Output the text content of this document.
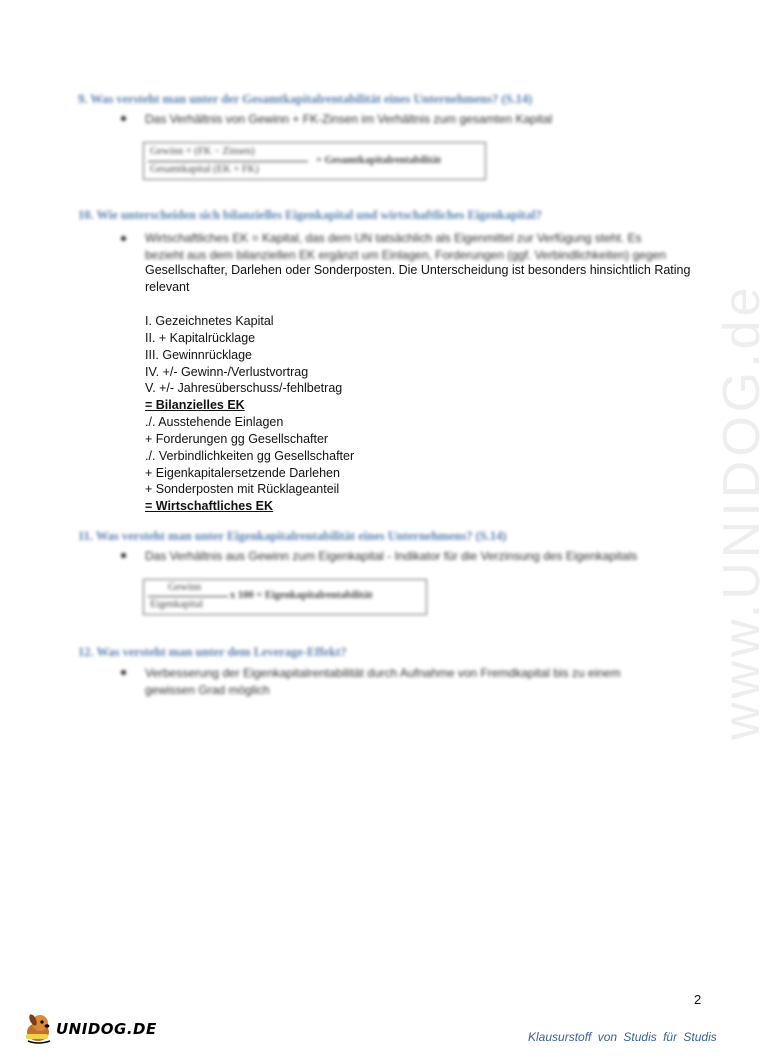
www.UNIDOG.de
9. Was versteht man unter der Gesamtkapitalrentabilität eines Unternehmens? (S.14)
Das Verhältnis von Gewinn + FK-Zinsen im Verhältnis zum gesamten Kapital
Gewinn + (FK − Zinsen)
Gesamtkapital (EK + FK)
= Gesamtkapitalrentabilität
10. Wie unterscheiden sich bilanzielles Eigenkapital und wirtschaftliches Eigenkapital?
Wirtschaftliches EK = Kapital, das dem UN tatsächlich als Eigenmittel zur Verfügung steht. Es
bezieht aus dem bilanziellen EK ergänzt um Einlagen, Forderungen (ggf. Verbindlichkeiten) gegen
Gesellschafter, Darlehen oder Sonderposten. Die Unterscheidung ist besonders hinsichtlich Rating
relevant
I. Gezeichnetes Kapital
II. + Kapitalrücklage
III. Gewinnrücklage
IV. +/- Gewinn-/Verlustvortrag
V. +/- Jahresüberschuss/-fehlbetrag
= Bilanzielles EK
./. Ausstehende Einlagen
+ Forderungen gg Gesellschafter
./. Verbindlichkeiten gg Gesellschafter
+ Eigenkapitalersetzende Darlehen
+ Sonderposten mit Rücklageanteil
= Wirtschaftliches EK
11. Was versteht man unter Eigenkapitalrentabilität eines Unternehmens? (S.14)
Das Verhältnis aus Gewinn zum Eigenkapital - Indikator für die Verzinsung des Eigenkapitals
Gewinn
Eigenkapital
x 100 = Eigenkapitalrentabilität
12. Was versteht man unter dem Leverage-Effekt?
Verbesserung der Eigenkapitalrentabilität durch Aufnahme von Fremdkapital bis zu einem
gewissen Grad möglich
2
UNIDOG.DE	Klausurstoff von Studis für Studis
